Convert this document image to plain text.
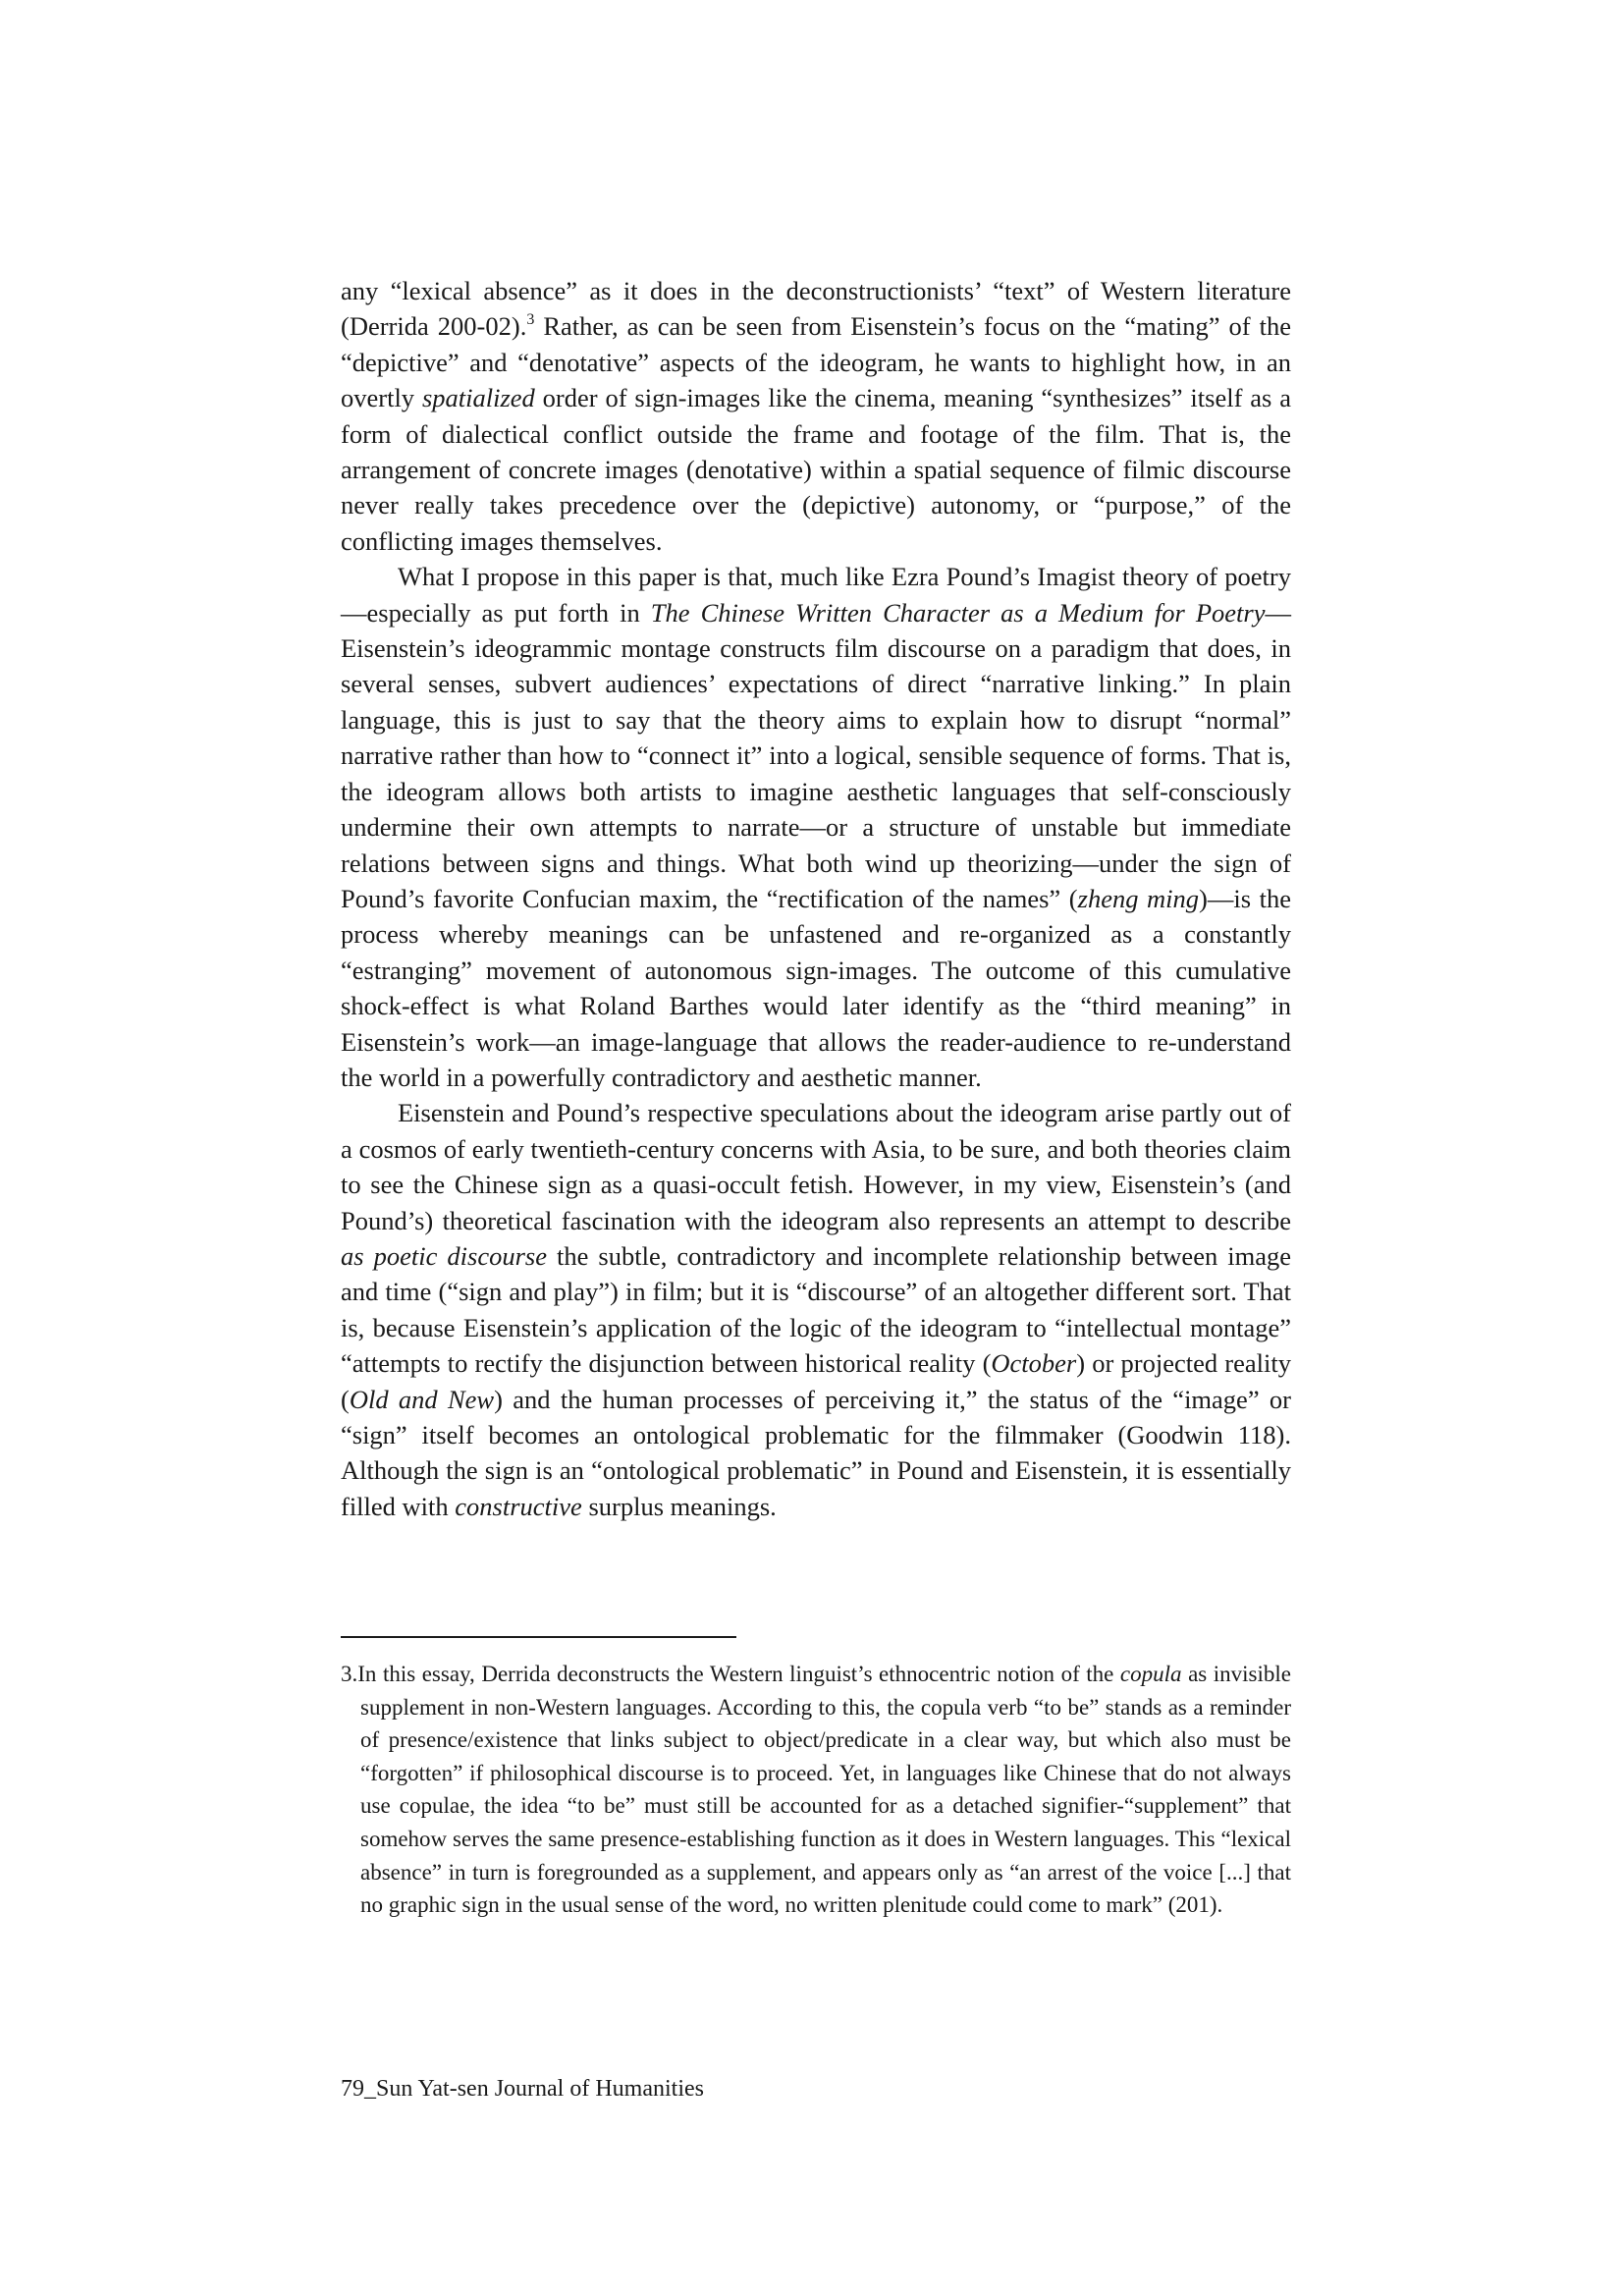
any “lexical absence” as it does in the deconstructionists’ “text” of Western literature (Derrida 200-02).$^3$ Rather, as can be seen from Eisenstein’s focus on the “mating” of the “depictive” and “denotative” aspects of the ideogram, he wants to highlight how, in an overtly spatialized order of sign-images like the cinema, meaning “synthesizes” itself as a form of dialectical conflict outside the frame and footage of the film. That is, the arrangement of concrete images (denotative) within a spatial sequence of filmic discourse never really takes precedence over the (depictive) autonomy, or “purpose,” of the conflicting images themselves.

What I propose in this paper is that, much like Ezra Pound’s Imagist theory of poetry—especially as put forth in The Chinese Written Character as a Medium for Poetry—Eisenstein’s ideogrammic montage constructs film discourse on a paradigm that does, in several senses, subvert audiences’ expectations of direct “narrative linking.” In plain language, this is just to say that the theory aims to explain how to disrupt “normal” narrative rather than how to “connect it” into a logical, sensible sequence of forms. That is, the ideogram allows both artists to imagine aesthetic languages that self-consciously undermine their own attempts to narrate—or a structure of unstable but immediate relations between signs and things. What both wind up theorizing—under the sign of Pound’s favorite Confucian maxim, the “rectification of the names” (zheng ming)—is the process whereby meanings can be unfastened and re-organized as a constantly “estranging” movement of autonomous sign-images. The outcome of this cumulative shock-effect is what Roland Barthes would later identify as the “third meaning” in Eisenstein’s work—an image-language that allows the reader-audience to re-understand the world in a powerfully contradictory and aesthetic manner.

Eisenstein and Pound’s respective speculations about the ideogram arise partly out of a cosmos of early twentieth-century concerns with Asia, to be sure, and both theories claim to see the Chinese sign as a quasi-occult fetish. However, in my view, Eisenstein’s (and Pound’s) theoretical fascination with the ideogram also represents an attempt to describe as poetic discourse the subtle, contradictory and incomplete relationship between image and time (“sign and play”) in film; but it is “discourse” of an altogether different sort. That is, because Eisenstein’s application of the logic of the ideogram to “intellectual montage” “attempts to rectify the disjunction between historical reality (October) or projected reality (Old and New) and the human processes of perceiving it,” the status of the “image” or “sign” itself becomes an ontological problematic for the filmmaker (Goodwin 118). Although the sign is an “ontological problematic” in Pound and Eisenstein, it is essentially filled with constructive surplus meanings.

3.In this essay, Derrida deconstructs the Western linguist’s ethnocentric notion of the copula as invisible supplement in non-Western languages. According to this, the copula verb “to be” stands as a reminder of presence/existence that links subject to object/predicate in a clear way, but which also must be “forgotten” if philosophical discourse is to proceed. Yet, in languages like Chinese that do not always use copulae, the idea “to be” must still be accounted for as a detached signifier-“supplement” that somehow serves the same presence-establishing function as it does in Western languages. This “lexical absence” in turn is foregrounded as a supplement, and appears only as “an arrest of the voice [...] that no graphic sign in the usual sense of the word, no written plenitude could come to mark” (201).

79_Sun Yat-sen Journal of Humanities
